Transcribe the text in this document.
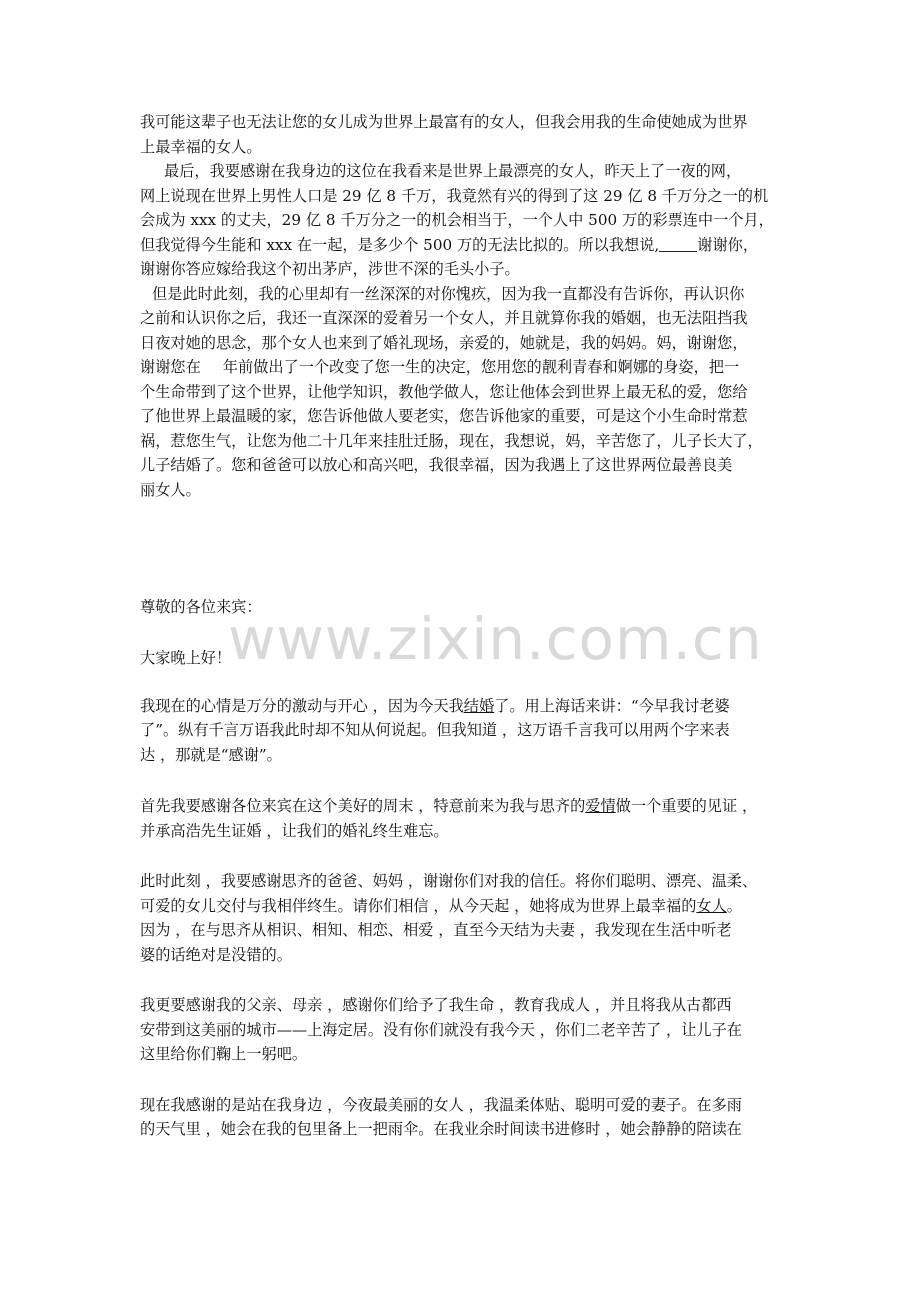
www.zixin.com.cn
我可能这辈子也无法让您的女儿成为世界上最富有的女人，但我会用我的生命使她成为世界
上最幸福的女人。
最后，我要感谢在我身边的这位在我看来是世界上最漂亮的女人，昨天上了一夜的网，
网上说现在世界上男性人口是 29 亿 8 千万，我竟然有兴的得到了这 29 亿 8 千万分之一的机
会成为 xxx 的丈夫，29 亿 8 千万分之一的机会相当于，一个人中 500 万的彩票连中一个月，
但我觉得今生能和 xxx 在一起，是多少个 500 万的无法比拟的。所以我想说,	谢谢你，
谢谢你答应嫁给我这个初出茅庐，涉世不深的毛头小子。
但是此时此刻，我的心里却有一丝深深的对你愧疚，因为我一直都没有告诉你，再认识你
之前和认识你之后，我还一直深深的爱着另一个女人，并且就算你我的婚姻，也无法阻挡我
日夜对她的思念，那个女人也来到了婚礼现场，亲爱的，她就是，我的妈妈。妈，谢谢您，
谢谢您在 年前做出了一个改变了您一生的决定，您用您的靓利青春和婀娜的身姿，把一
个生命带到了这个世界，让他学知识，教他学做人，您让他体会到世界上最无私的爱，您给
了他世界上最温暖的家，您告诉他做人要老实，您告诉他家的重要，可是这个小生命时常惹
祸，惹您生气，让您为他二十几年来挂肚迁肠，现在，我想说，妈，辛苦您了，儿子长大了，
儿子结婚了。您和爸爸可以放心和高兴吧，我很幸福，因为我遇上了这世界两位最善良美
丽女人。
尊敬的各位来宾：
大家晚上好！
我现在的心情是万分的激动与开心 ，因为今天我结婚了。用上海话来讲：“今早我讨老婆
了”。纵有千言万语我此时却不知从何说起。但我知道 ，这万语千言我可以用两个字来表
达 ，那就是“感谢”。
首先我要感谢各位来宾在这个美好的周末 ，特意前来为我与思齐的爱情做一个重要的见证 ，
并承高浩先生证婚 ，让我们的婚礼终生难忘。
此时此刻 ，我要感谢思齐的爸爸、妈妈 ，谢谢你们对我的信任。将你们聪明、漂亮、温柔、
可爱的女儿交付与我相伴终生。请你们相信 ，从今天起 ，她将成为世界上最幸福的女人。
因为 ，在与思齐从相识、相知、相恋、相爱 ，直至今天结为夫妻 ，我发现在生活中听老
婆的话绝对是没错的。
我更要感谢我的父亲、母亲 ，感谢你们给予了我生命 ，教育我成人 ，并且将我从古都西
安带到这美丽的城市——上海定居。没有你们就没有我今天 ，你们二老辛苦了 ，让儿子在
这里给你们鞠上一躬吧。
现在我感谢的是站在我身边 ，今夜最美丽的女人 ，我温柔体贴、聪明可爱的妻子。在多雨
的天气里 ，她会在我的包里备上一把雨伞。在我业余时间读书进修时 ，她会静静的陪读在
